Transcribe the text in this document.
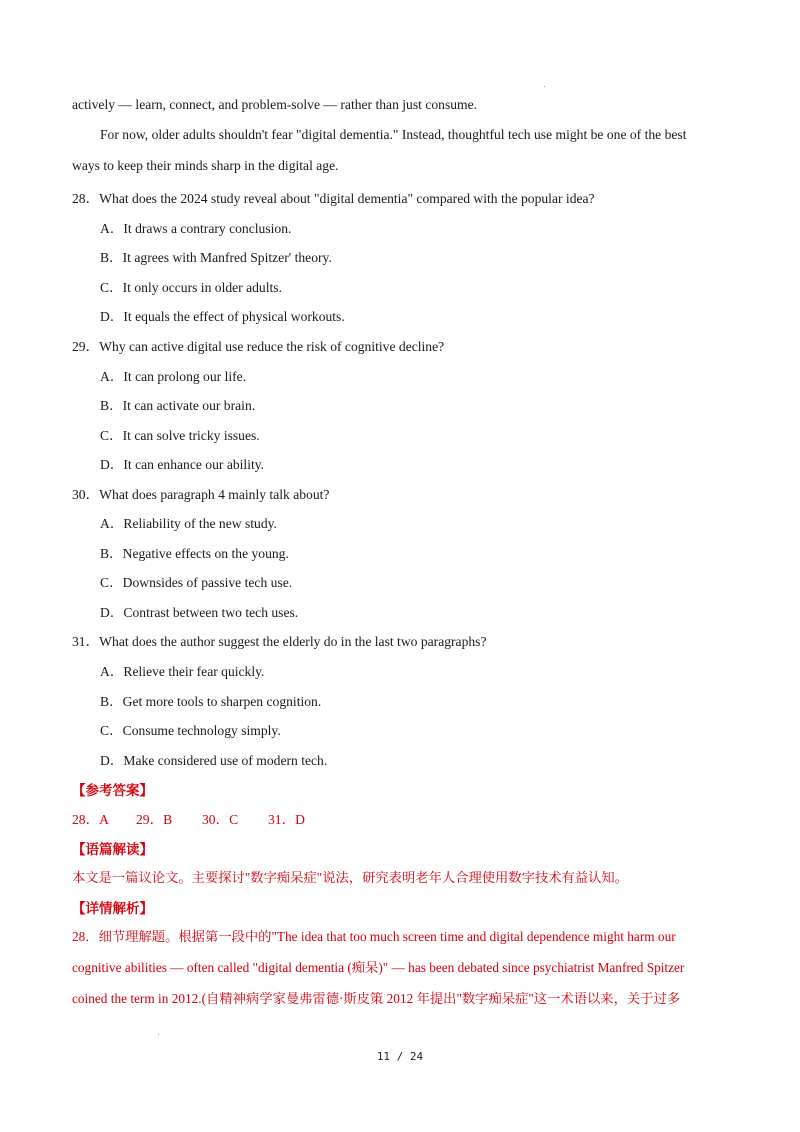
actively — learn, connect, and problem-solve — rather than just consume.
For now, older adults shouldn't fear "digital dementia." Instead, thoughtful tech use might be one of the best
ways to keep their minds sharp in the digital age.
28．What does the 2024 study reveal about "digital dementia" compared with the popular idea?
A．It draws a contrary conclusion.
B．It agrees with Manfred Spitzer' theory.
C．It only occurs in older adults.
D．It equals the effect of physical workouts.
29．Why can active digital use reduce the risk of cognitive decline?
A．It can prolong our life.
B．It can activate our brain.
C．It can solve tricky issues.
D．It can enhance our ability.
30．What does paragraph 4 mainly talk about?
A．Reliability of the new study.
B．Negative effects on the young.
C．Downsides of passive tech use.
D．Contrast between two tech uses.
31．What does the author suggest the elderly do in the last two paragraphs?
A．Relieve their fear quickly.
B．Get more tools to sharpen cognition.
C．Consume technology simply.
D．Make considered use of modern tech.
【参考答案】
28．A 29．B 30．C 31．D
【语篇解读】
本文是一篇议论文。主要探讨"数字痴呆症"说法，研究表明老年人合理使用数字技术有益认知。
【详情解析】
28．细节理解题。根据第一段中的"The idea that too much screen time and digital dependence might harm our
cognitive abilities — often called "digital dementia (痴呆)" — has been debated since psychiatrist Manfred Spitzer
coined the term in 2012.(自精神病学家曼弗雷德·斯皮策 2012 年提出"数字痴呆症"这一术语以来，关于过多
11 / 24
